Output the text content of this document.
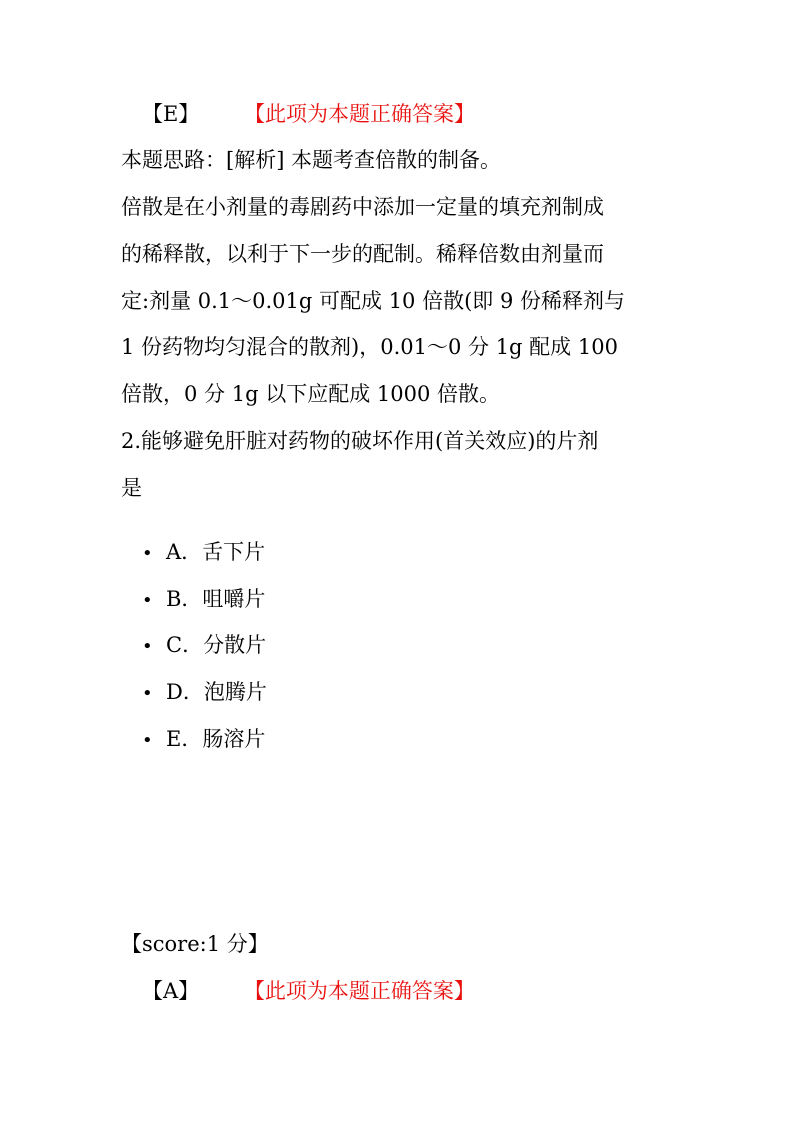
【E】 【此项为本题正确答案】
本题思路：[解析] 本题考查倍散的制备。
倍散是在小剂量的毒剧药中添加一定量的填充剂制成
的稀释散，以利于下一步的配制。稀释倍数由剂量而
定:剂量 0.1～0.01g 可配成 10 倍散(即 9 份稀释剂与
1 份药物均匀混合的散剂)，0.01～0 分 1g 配成 100
倍散，0 分 1g 以下应配成 1000 倍散。
2.能够避免肝脏对药物的破坏作用(首关效应)的片剂
是
• A．舌下片
• B．咀嚼片
• C．分散片
• D．泡腾片
• E．肠溶片
【score:1 分】
【A】 【此项为本题正确答案】
